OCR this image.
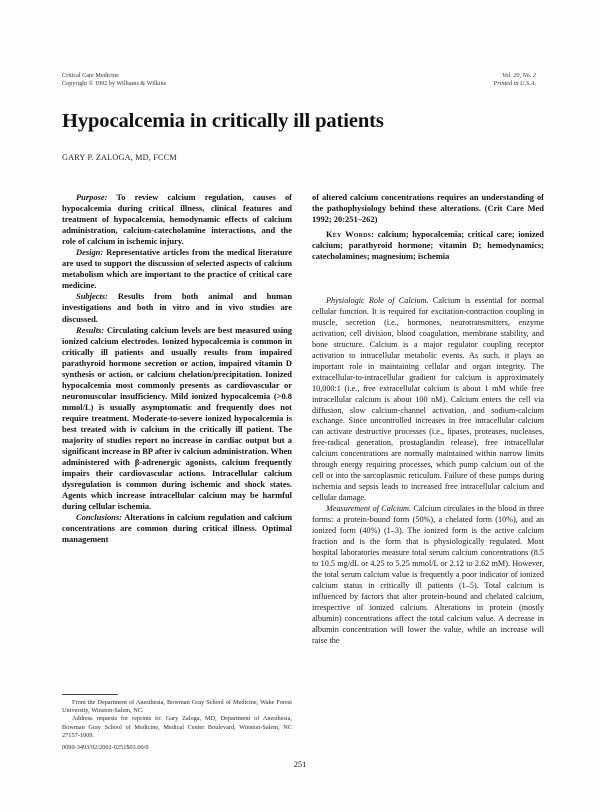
Critical Care Medicine
Copyright © 1992 by Williams & Wilkins
Vol. 20, No. 2
Printed in U.S.A.
Hypocalcemia in critically ill patients
GARY P. ZALOGA, MD, FCCM

Purpose: To review calcium regulation, causes of hypocalcemia during critical illness, clinical features and treatment of hypocalcemia, hemodynamic effects of calcium administration, calcium-catecholamine interactions, and the role of calcium in ischemic injury.

Design: Representative articles from the medical literature are used to support the discussion of selected aspects of calcium metabolism which are important to the practice of critical care medicine.

Subjects: Results from both animal and human investigations and both in vitro and in vivo studies are discussed.

Results: Circulating calcium levels are best measured using ionized calcium electrodes. Ionized hypocalcemia is common in critically ill patients and usually results from impaired parathyroid hormone secretion or action, impaired vitamin D synthesis or action, or calcium chelation/precipitation. Ionized hypocalcemia most commonly presents as cardiovascular or neuromuscular insufficiency. Mild ionized hypocalcemia (>0.8 mmol/L) is usually asymptomatic and frequently does not require treatment. Moderate-to-severe ionized hypocalcemia is best treated with iv calcium in the critically ill patient. The majority of studies report no increase in cardiac output but a significant increase in BP after iv calcium administration. When administered with β-adrenergic agonists, calcium frequently impairs their cardiovascular actions. Intracellular calcium dysregulation is common during ischemic and shock states. Agents which increase intracellular calcium may be harmful during cellular ischemia.

Conclusions: Alterations in calcium regulation and calcium concentrations are common during critical illness. Optimal management

of altered calcium concentrations requires an understanding of the pathophysiology behind these alterations. (Crit Care Med 1992; 20:251–262)

Key Words: calcium; hypocalcemia; critical care; ionized calcium; parathyroid hormone; vitamin D; hemodynamics; catecholamines; magnesium; ischemia

Physiologic Role of Calcium. Calcium is essential for normal cellular function. It is required for excitation-contraction coupling in muscle, secretion (i.e., hormones, neurotransmitters, enzyme activation, cell division, blood coagulation, membrane stability, and bone structure. Calcium is a major regulator coupling receptor activation to intracellular metabolic events. As such, it plays an important role in maintaining cellular and organ integrity. The extracellular-to-intracellular gradient for calcium is approximately 10,000:1 (i.e., free extracellular calcium is about 1 mM while free intracellular calcium is about 100 nM). Calcium enters the cell via diffusion, slow calcium-channel activation, and sodium-calcium exchange. Since uncontrolled increases in free intracellular calcium can activate destructive processes (i.e., lipases, proteases, nucleases, free-radical generation, prostaglandin release), free intracellular calcium concentrations are normally maintained within narrow limits through energy requiring processes, which pump calcium out of the cell or into the sarcoplasmic reticulum. Failure of these pumps during ischemia and sepsis leads to increased free intracellular calcium and cellular damage.

Measurement of Calcium. Calcium circulates in the blood in three forms: a protein-bound form (50%), a chelated form (10%), and an ionized form (40%) (1–3). The ionized form is the active calcium fraction and is the form that is physiologically regulated. Most hospital laboratories measure total serum calcium concentrations (8.5 to 10.5 mg/dL or 4.25 to 5.25 mmol/L or 2.12 to 2.62 mM). However, the total serum calcium value is frequently a poor indicator of ionized calcium status in critically ill patients (1–5). Total calcium is influenced by factors that alter protein-bound and chelated calcium, irrespective of ionized calcium. Alterations in protein (mostly albumin) concentrations affect the total calcium value. A decrease in albumin concentration will lower the value, while an increase will raise the

From the Department of Anesthesia, Bowman Gray School of Medicine, Wake Forest University, Winston-Salem, NC.

Address requests for reprints to: Gary Zaloga, MD, Department of Anesthesia, Bowman Gray School of Medicine, Medical Center Boulevard, Winston-Salem, NC 27157-1009.

0090-3493/92/2002-0251$03.00/0

251
